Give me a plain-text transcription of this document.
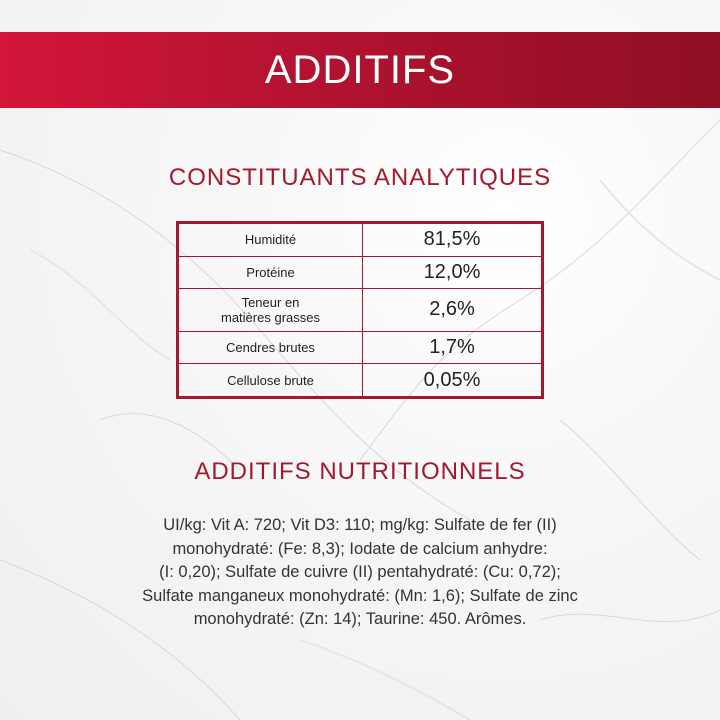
ADDITIFS
CONSTITUANTS ANALYTIQUES
Humidité	81,5%
Protéine	12,0%
Teneur en
matières grasses	2,6%
Cendres brutes	1,7%
Cellulose brute	0,05%
ADDITIFS NUTRITIONNELS
UI/kg: Vit A: 720; Vit D3: 110; mg/kg: Sulfate de fer (II)
monohydraté: (Fe: 8,3); Iodate de calcium anhydre:
(I: 0,20); Sulfate de cuivre (II) pentahydraté: (Cu: 0,72);
Sulfate manganeux monohydraté: (Mn: 1,6); Sulfate de zinc
monohydraté: (Zn: 14); Taurine: 450. Arômes.
